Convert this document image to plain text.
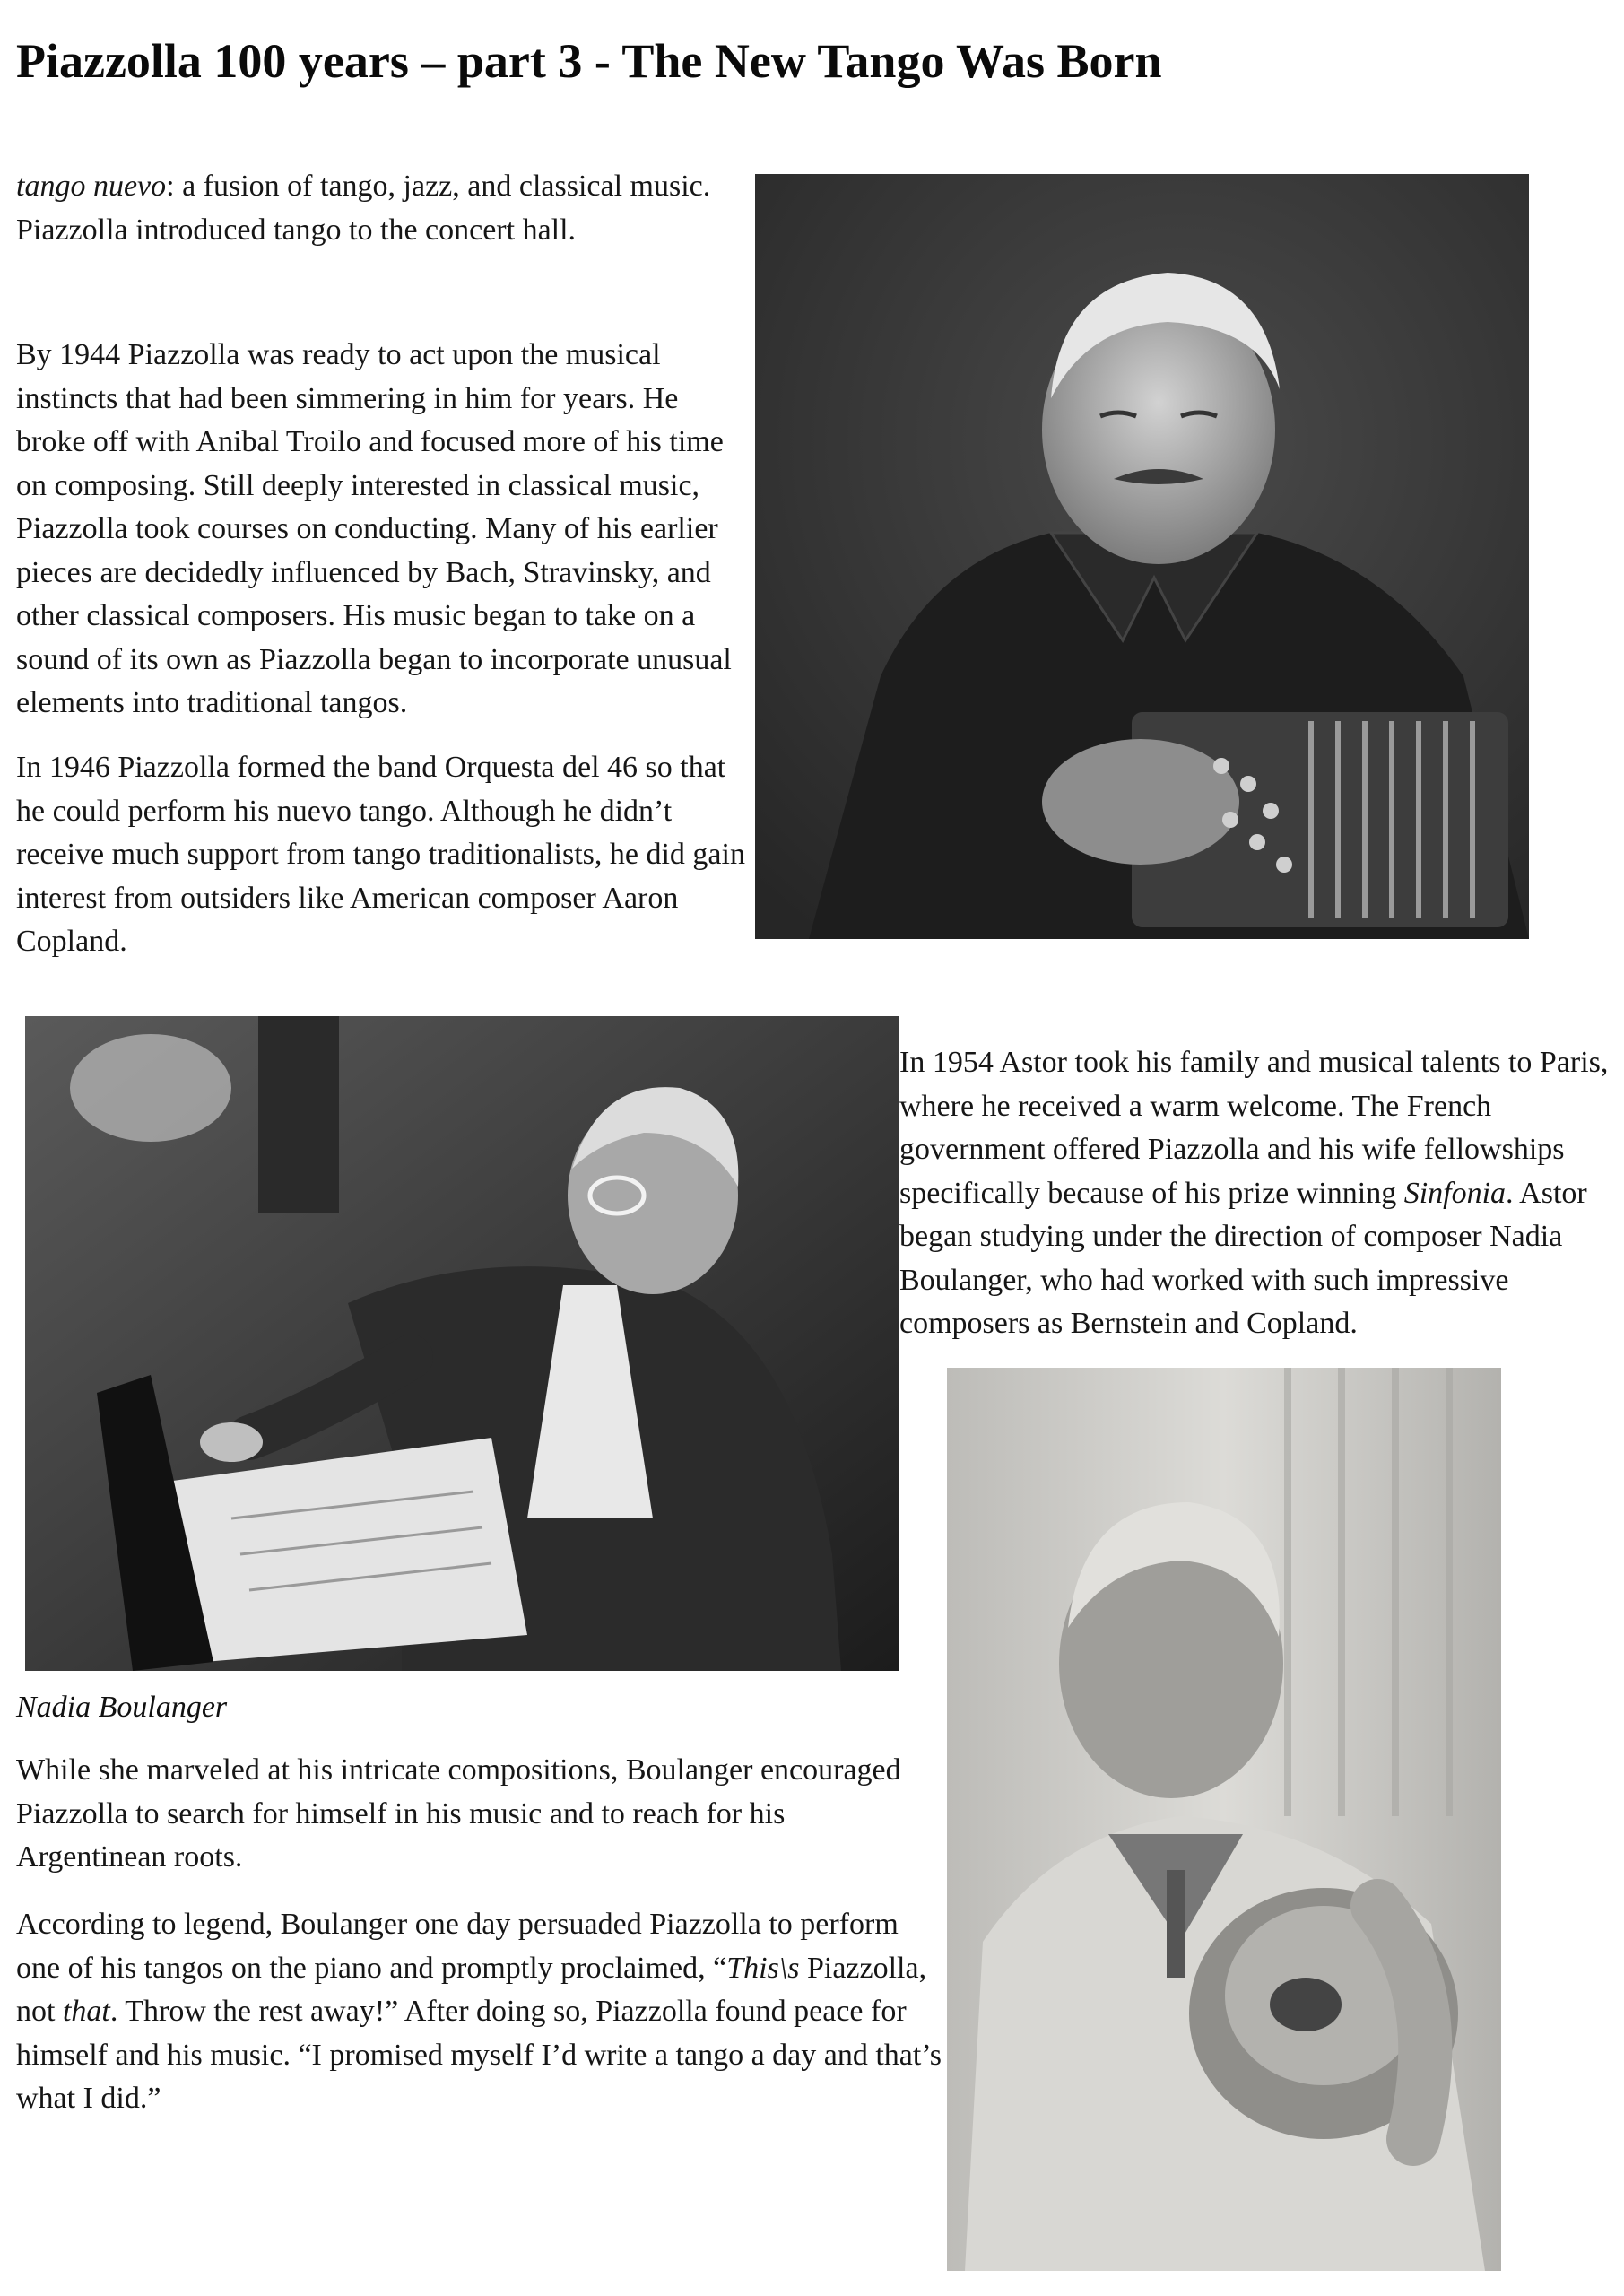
Piazzolla 100 years – part 3 - The New Tango Was Born

tango nuevo: a fusion of tango, jazz, and classical music. Piazzolla introduced tango to the concert hall.

By 1944 Piazzolla was ready to act upon the musical instincts that had been simmering in him for years. He broke off with Anibal Troilo and focused more of his time on composing. Still deeply interested in classical music, Piazzolla took courses on conducting. Many of his earlier pieces are decidedly influenced by Bach, Stravinsky, and other classical composers. His music began to take on a sound of its own as Piazzolla began to incorporate unusual elements into traditional tangos.

In 1946 Piazzolla formed the band Orquesta del 46 so that he could perform his nuevo tango. Although he didn’t receive much support from tango traditionalists, he did gain interest from outsiders like American composer Aaron Copland.

In 1954 Astor took his family and musical talents to Paris, where he received a warm welcome. The French government offered Piazzolla and his wife fellowships specifically because of his prize winning Sinfonia. Astor began studying under the direction of composer Nadia Boulanger, who had worked with such impressive composers as Bernstein and Copland.

Nadia Boulanger

While she marveled at his intricate compositions, Boulanger encouraged Piazzolla to search for himself in his music and to reach for his Argentinean roots.

According to legend, Boulanger one day persuaded Piazzolla to perform one of his tangos on the piano and promptly proclaimed, “This\s Piazzolla, not that. Throw the rest away!” After doing so, Piazzolla found peace for himself and his music. “I promised myself I’d write a tango a day and that’s what I did.”
